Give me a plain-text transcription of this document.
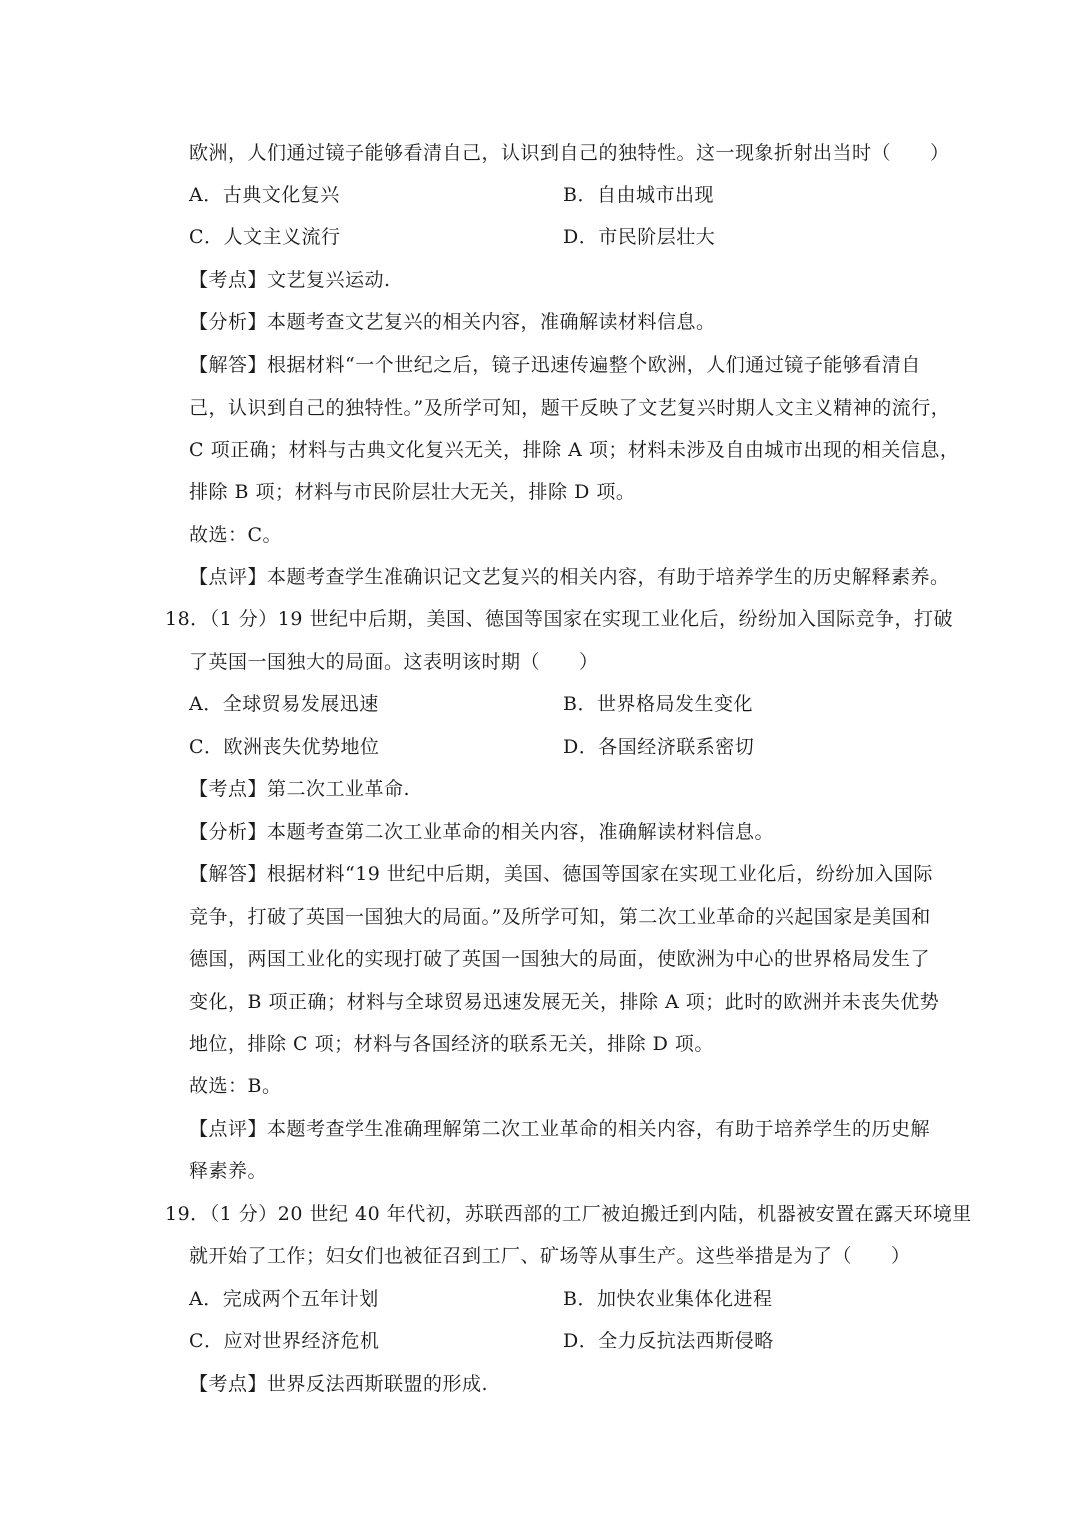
欧洲，人们通过镜子能够看清自己，认识到自己的独特性。这一现象折射出当时（　　）
A．古典文化复兴	B．自由城市出现
C．人文主义流行	D．市民阶层壮大
【考点】文艺复兴运动.
【分析】本题考查文艺复兴的相关内容，准确解读材料信息。
【解答】根据材料“一个世纪之后，镜子迅速传遍整个欧洲，人们通过镜子能够看清自
己，认识到自己的独特性。”及所学可知，题干反映了文艺复兴时期人文主义精神的流行，
C 项正确；材料与古典文化复兴无关，排除 A 项；材料未涉及自由城市出现的相关信息，
排除 B 项；材料与市民阶层壮大无关，排除 D 项。
故选：C。
【点评】本题考查学生准确识记文艺复兴的相关内容，有助于培养学生的历史解释素养。
18．（1 分）19 世纪中后期，美国、德国等国家在实现工业化后，纷纷加入国际竞争，打破
了英国一国独大的局面。这表明该时期（　　）
A．全球贸易发展迅速	B．世界格局发生变化
C．欧洲丧失优势地位	D．各国经济联系密切
【考点】第二次工业革命.
【分析】本题考查第二次工业革命的相关内容，准确解读材料信息。
【解答】根据材料“19 世纪中后期，美国、德国等国家在实现工业化后，纷纷加入国际
竞争，打破了英国一国独大的局面。”及所学可知，第二次工业革命的兴起国家是美国和
德国，两国工业化的实现打破了英国一国独大的局面，使欧洲为中心的世界格局发生了
变化，B 项正确；材料与全球贸易迅速发展无关，排除 A 项；此时的欧洲并未丧失优势
地位，排除 C 项；材料与各国经济的联系无关，排除 D 项。
故选：B。
【点评】本题考查学生准确理解第二次工业革命的相关内容，有助于培养学生的历史解
释素养。
19．（1 分）20 世纪 40 年代初，苏联西部的工厂被迫搬迁到内陆，机器被安置在露天环境里
就开始了工作；妇女们也被征召到工厂、矿场等从事生产。这些举措是为了（　　）
A．完成两个五年计划	B．加快农业集体化进程
C．应对世界经济危机	D．全力反抗法西斯侵略
【考点】世界反法西斯联盟的形成.
